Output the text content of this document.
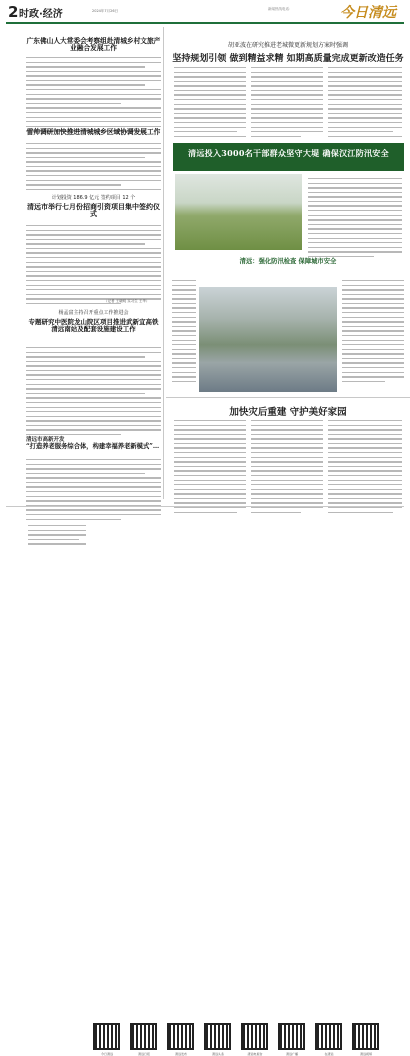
2 时政·经济	2024年7月26日	新闻热线电话：	今日清远
广东佛山人大常委会考察组赴清城乡村文旅产业融合发展工作
雷帅调研加快推进清城城乡区域协调发展工作
计划投资 186.9 亿元 签约项目 12 个
清远市举行七月份招商引资项目集中签约仪式
（记者 王晓明 实习生 王华）
杨孟富主持召开重点工作推进会
专题研究中医院龙山院区项目推进武新宜高铁清远南站及配套设施建设工作
清远市高新开发
“打造养老服务综合体，构建幸福养老新模式”…
胡亚波在研究推进老城微更新规划方案时强调
坚持规划引领 做到精益求精 如期高质量完成更新改造任务
清远投入3000名干部群众坚守大堤 确保汉江防汛安全
清远：强化防汛检查 保障城市安全
加快灾后重建 守护美好家园
今日清远	清远日报	清远发布	清远头条	清远电视台	清远广播	在清远	清远视频
